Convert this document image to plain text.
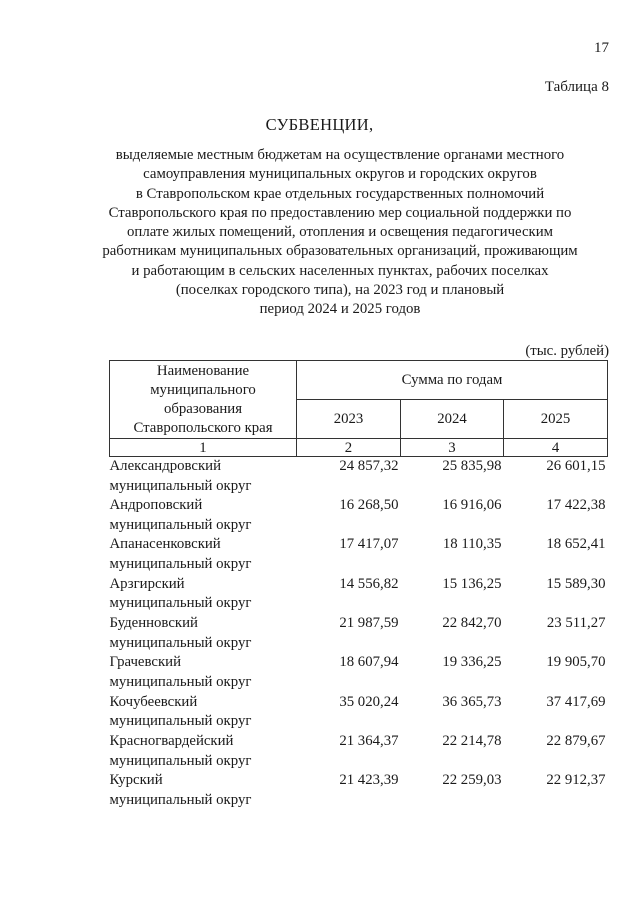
17
Таблица 8
СУБВЕНЦИИ,
выделяемые местным бюджетам на осуществление органами местного
самоуправления муниципальных округов и городских округов
в Ставропольском крае отдельных государственных полномочий
Ставропольского края по предоставлению мер социальной поддержки по
оплате жилых помещений, отопления и освещения педагогическим
работникам муниципальных образовательных организаций, проживающим
и работающим в сельских населенных пунктах, рабочих поселках
(поселках городского типа), на 2023 год и плановый
период 2024 и 2025 годов
(тыс. рублей)
Наименование
муниципального
образования
Ставропольского края	Сумма по годам		
	2023	2024	2025
1	2	3	4

Александровский
муниципальный округ	24 857,32	25 835,98	26 601,15

Андроповский
муниципальный округ	16 268,50	16 916,06	17 422,38

Апанасенковский
муниципальный округ	17 417,07	18 110,35	18 652,41

Арзгирский
муниципальный округ	14 556,82	15 136,25	15 589,30

Буденновский
муниципальный округ	21 987,59	22 842,70	23 511,27

Грачевский
муниципальный округ	18 607,94	19 336,25	19 905,70

Кочубеевский
муниципальный округ	35 020,24	36 365,73	37 417,69

Красногвардейский
муниципальный округ	21 364,37	22 214,78	22 879,67

Курский
муниципальный округ	21 423,39	22 259,03	22 912,37
